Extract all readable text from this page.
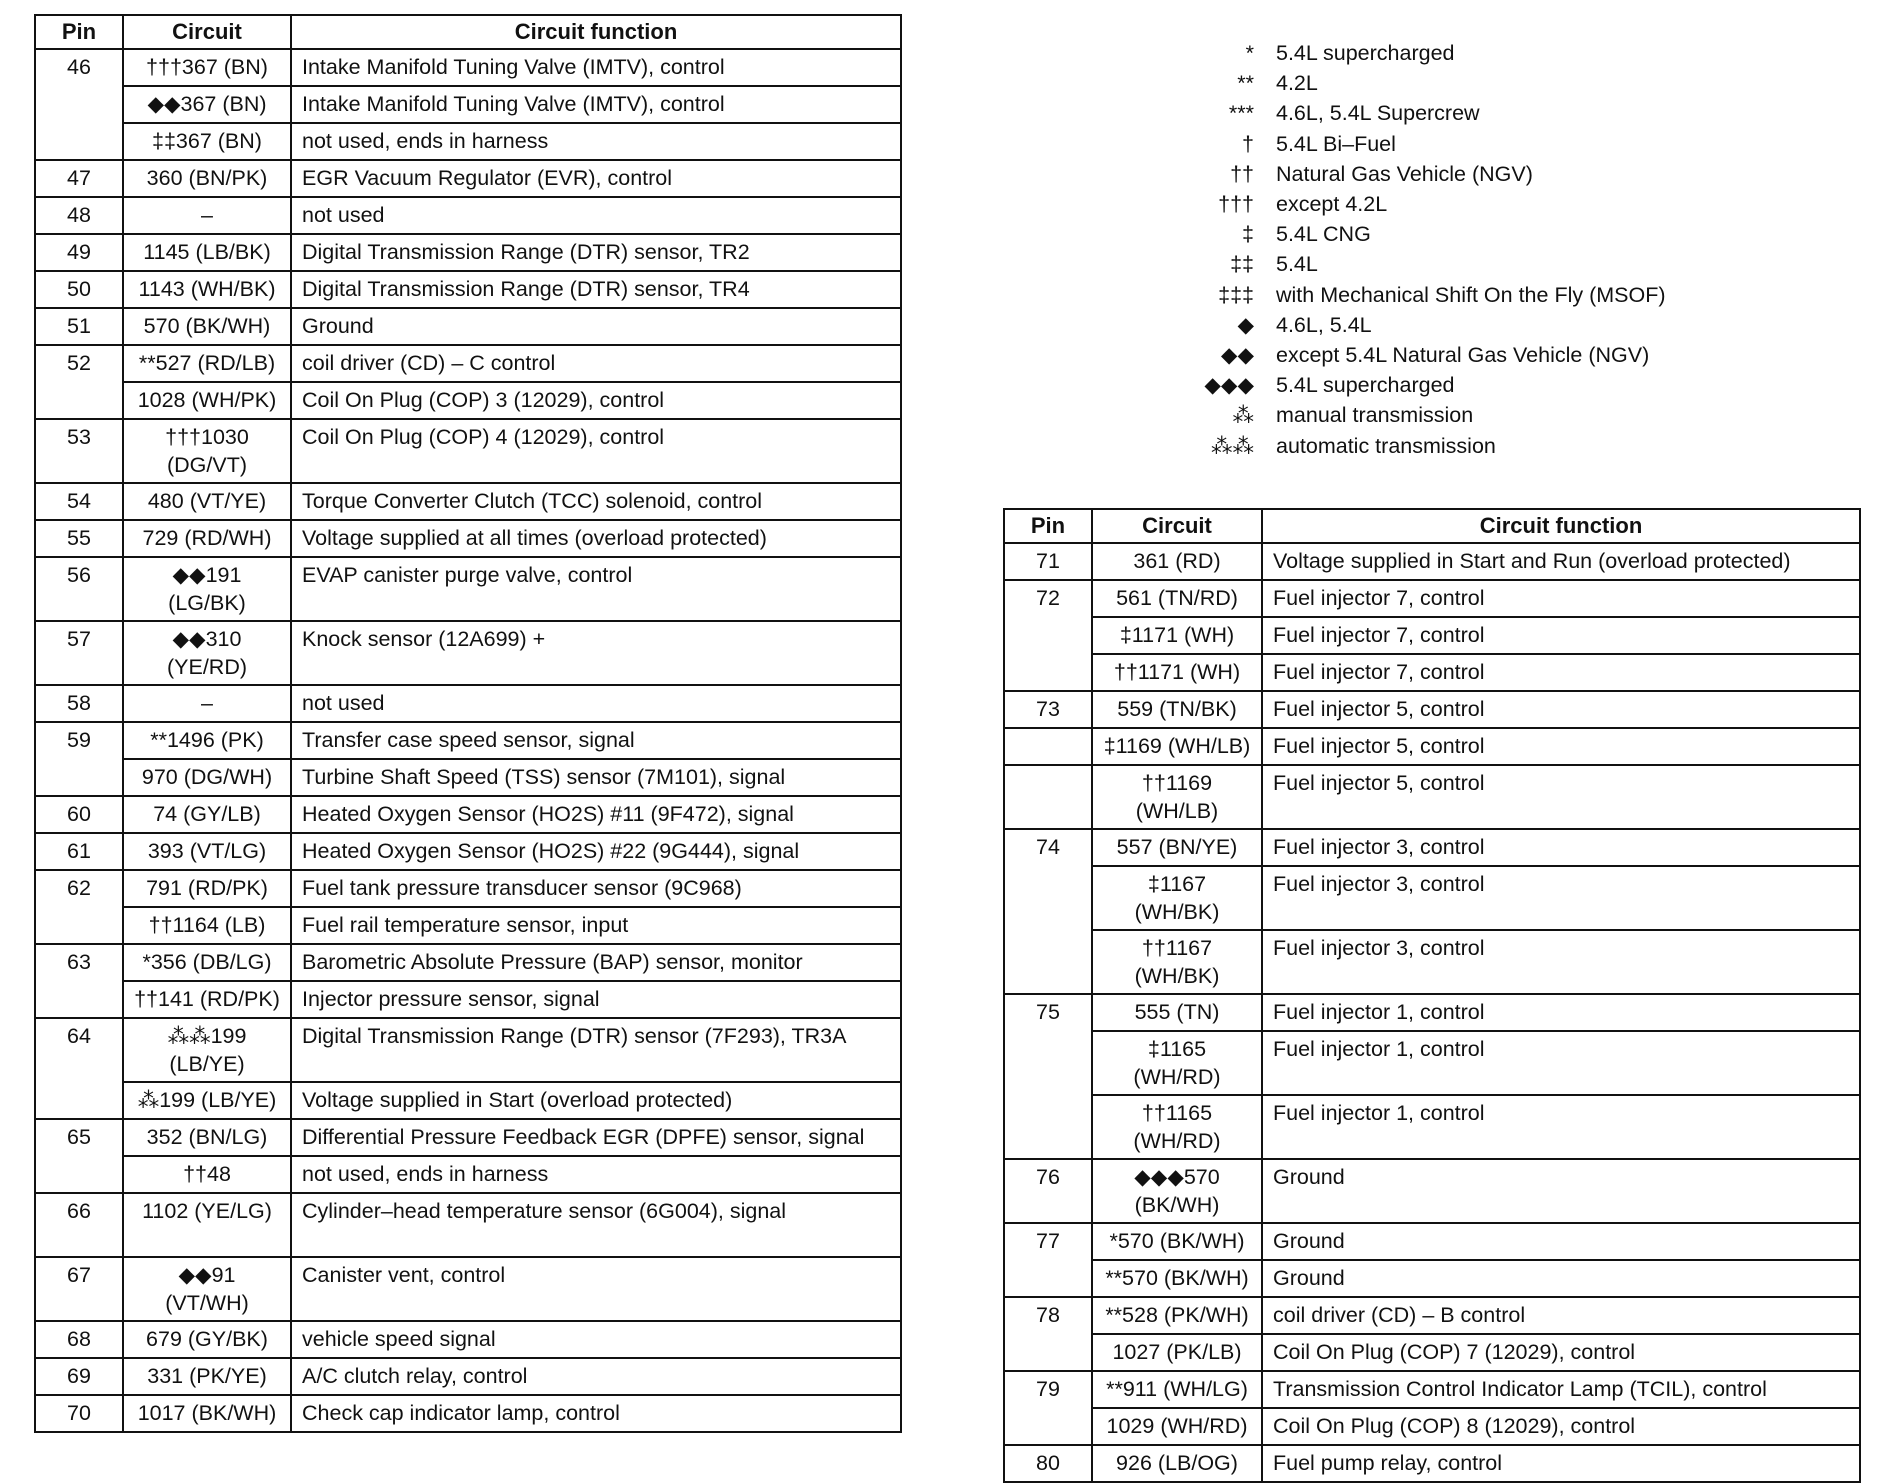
Pin	Circuit	Circuit function
46	†††367 (BN)	Intake Manifold Tuning Valve (IMTV), control
	◆◆367 (BN)	Intake Manifold Tuning Valve (IMTV), control
	‡‡367 (BN)	not used, ends in harness
47	360 (BN/PK)	EGR Vacuum Regulator (EVR), control
48	–	not used
49	1145 (LB/BK)	Digital Transmission Range (DTR) sensor, TR2
50	1143 (WH/BK)	Digital Transmission Range (DTR) sensor, TR4
51	570 (BK/WH)	Ground
52	**527 (RD/LB)	coil driver (CD) – C control
	1028 (WH/PK)	Coil On Plug (COP) 3 (12029), control
53	†††1030 (DG/VT)	Coil On Plug (COP) 4 (12029), control
54	480 (VT/YE)	Torque Converter Clutch (TCC) solenoid, control
55	729 (RD/WH)	Voltage supplied at all times (overload protected)
56	◆◆191 (LG/BK)	EVAP canister purge valve, control
57	◆◆310 (YE/RD)	Knock sensor (12A699) +
58	–	not used
59	**1496 (PK)	Transfer case speed sensor, signal
	970 (DG/WH)	Turbine Shaft Speed (TSS) sensor (7M101), signal
60	74 (GY/LB)	Heated Oxygen Sensor (HO2S) #11 (9F472), signal
61	393 (VT/LG)	Heated Oxygen Sensor (HO2S) #22 (9G444), signal
62	791 (RD/PK)	Fuel tank pressure transducer sensor (9C968)
	††1164 (LB)	Fuel rail temperature sensor, input
63	*356 (DB/LG)	Barometric Absolute Pressure (BAP) sensor, monitor
	††141 (RD/PK)	Injector pressure sensor, signal
64	⁂⁂199 (LB/YE)	Digital Transmission Range (DTR) sensor (7F293), TR3A
	⁂199 (LB/YE)	Voltage supplied in Start (overload protected)
65	352 (BN/LG)	Differential Pressure Feedback EGR (DPFE) sensor, signal
	††48	not used, ends in harness
66	1102 (YE/LG)	Cylinder–head temperature sensor (6G004), signal
67	◆◆91 (VT/WH)	Canister vent, control
68	679 (GY/BK)	vehicle speed signal
69	331 (PK/YE)	A/C clutch relay, control
70	1017 (BK/WH)	Check cap indicator lamp, control
*	5.4L supercharged
**	4.2L
***	4.6L, 5.4L Supercrew
†	5.4L Bi–Fuel
††	Natural Gas Vehicle (NGV)
†††	except 4.2L
‡	5.4L CNG
‡‡	5.4L
‡‡‡	with Mechanical Shift On the Fly (MSOF)
◆	4.6L, 5.4L
◆◆	except 5.4L Natural Gas Vehicle (NGV)
◆◆◆	5.4L supercharged
⁂	manual transmission
⁂⁂	automatic transmission
Pin	Circuit	Circuit function
71	361 (RD)	Voltage supplied in Start and Run (overload protected)
72	561 (TN/RD)	Fuel injector 7, control
	‡1171 (WH)	Fuel injector 7, control
	††1171 (WH)	Fuel injector 7, control
73	559 (TN/BK)	Fuel injector 5, control
	‡1169 (WH/LB)	Fuel injector 5, control
	††1169 (WH/LB)	Fuel injector 5, control
74	557 (BN/YE)	Fuel injector 3, control
	‡1167 (WH/BK)	Fuel injector 3, control
	††1167 (WH/BK)	Fuel injector 3, control
75	555 (TN)	Fuel injector 1, control
	‡1165 (WH/RD)	Fuel injector 1, control
	††1165 (WH/RD)	Fuel injector 1, control
76	◆◆◆570 (BK/WH)	Ground
77	*570 (BK/WH)	Ground
	**570 (BK/WH)	Ground
78	**528 (PK/WH)	coil driver (CD) – B control
	1027 (PK/LB)	Coil On Plug (COP) 7 (12029), control
79	**911 (WH/LG)	Transmission Control Indicator Lamp (TCIL), control
	1029 (WH/RD)	Coil On Plug (COP) 8 (12029), control
80	926 (LB/OG)	Fuel pump relay, control
